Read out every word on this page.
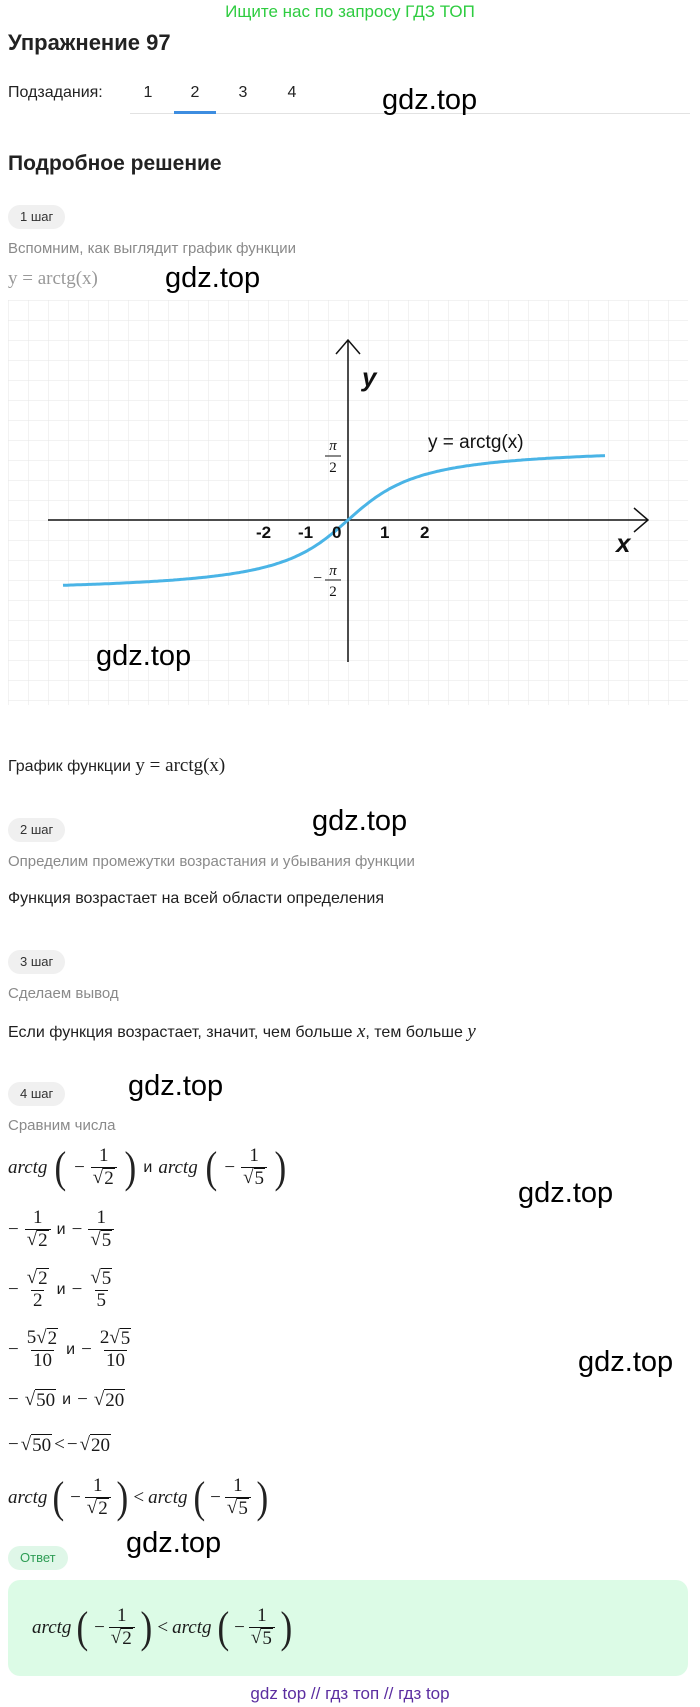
Ищите нас по запросу ГДЗ ТОП
Упражнение 97
Подзадания:	1	2	3	4	gdz.top
Подробное решение
1 шаг
Вспомним, как выглядит график функции
y = arctg(x) gdz.top
y
x
y = arctg(x)
-2 -1 0 1 2
π
2
− π
2
gdz.top
График функции y = arctg(x)
gdz.top
2 шаг
Определим промежутки возрастания и убывания функции
Функция возрастает на всей области определения
3 шаг
Сделаем вывод
Если функция возрастает, значит, чем больше x, тем больше y
4 шаг	gdz.top
Сравним числа
arctg ( − $\frac{1}{√ 2}$ ) и arctg ( − $\frac{1}{√ 5}$ )
gdz.top
− $\frac{1}{√ 2}$ $и - \frac{1}{√ 5}$
− $\frac{√ 2}{2}$ $и - \frac{√ 5}{5}$
− $\frac{5√ 2}{10}$ $и - \frac{2√ 5}{10}$	gdz.top
− √ 50 и − √ 20
− √ 50 < − √ 20
arctg ( − $\frac{1}{√ 2}$ ) < arctg ( − $\frac{1}{√ 5}$ )
gdz.top
Ответ
arctg ( − $\frac{1}{√ 2}$ ) < arctg ( − $\frac{1}{√ 5}$ )
gdz top // гдз топ // гдз top
